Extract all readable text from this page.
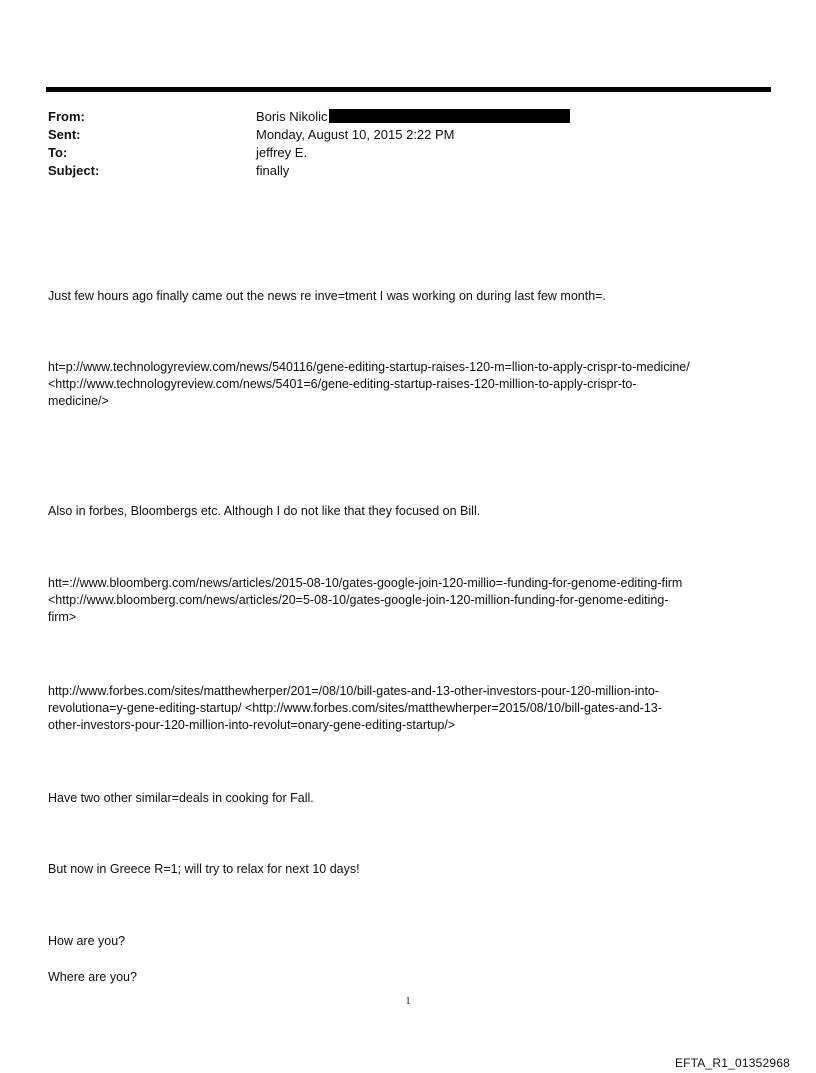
From:	Boris Nikolic
Sent:	Monday, August 10, 2015 2:22 PM
To:	jeffrey E.
Subject:	finally
Just few hours ago finally came out the news re inve=tment I was working on during last few month=.
ht=p://www.technologyreview.com/news/540116/gene-editing-startup-raises-120-m=llion-to-apply-crispr-to-medicine/
<http://www.technologyreview.com/news/5401=6/gene-editing-startup-raises-120-million-to-apply-crispr-to-
medicine/>
Also in forbes, Bloombergs etc. Although I do not like that they focused on Bill.
htt=://www.bloomberg.com/news/articles/2015-08-10/gates-google-join-120-millio=-funding-for-genome-editing-firm
<http://www.bloomberg.com/news/articles/20=5-08-10/gates-google-join-120-million-funding-for-genome-editing-
firm>
http://www.forbes.com/sites/matthewherper/201=/08/10/bill-gates-and-13-other-investors-pour-120-million-into-
revolutiona=y-gene-editing-startup/ <http://www.forbes.com/sites/matthewherper=2015/08/10/bill-gates-and-13-
other-investors-pour-120-million-into-revolut=onary-gene-editing-startup/>
Have two other similar=deals in cooking for Fall.
But now in Greece R=1; will try to relax for next 10 days!
How are you?
Where are you?
1
EFTA_R1_01352968
